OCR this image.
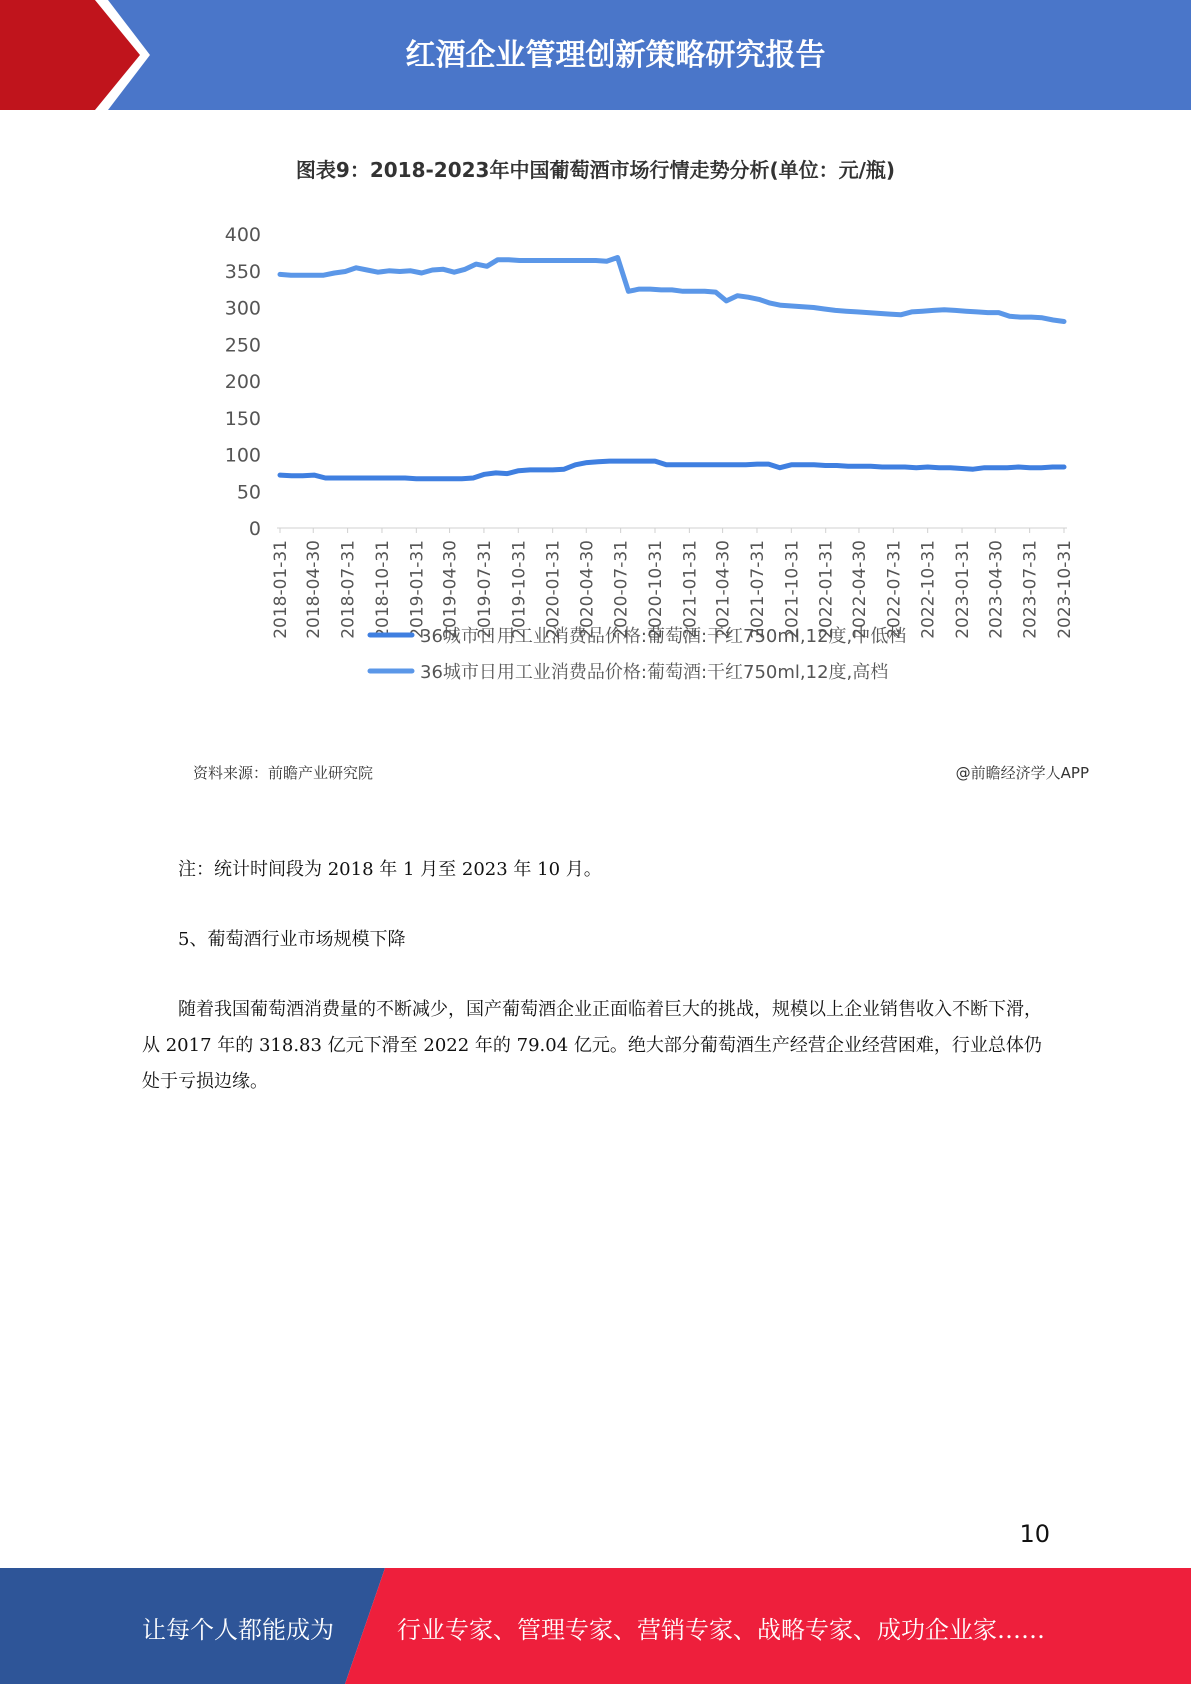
红酒企业管理创新策略研究报告
图表9：2018-2023年中国葡萄酒市场行情走势分析(单位：元/瓶)
0
50
100
150
200
250
300
350
400
2018-01-31 2018-04-30 2018-07-31 2018-10-31 2019-01-31 2019-04-30 2019-07-31 2019-10-31 2020-01-31 2020-04-30 2020-07-31 2020-10-31 2021-01-31 2021-04-30 2021-07-31 2021-10-31 2022-01-31 2022-04-30 2022-07-31 2022-10-31 2023-01-31 2023-04-30 2023-07-31 2023-10-31
36城市日用工业消费品价格:葡萄酒:干红750ml,12度,中低档
36城市日用工业消费品价格:葡萄酒:干红750ml,12度,高档
资料来源：前瞻产业研究院	@前瞻经济学人APP

注：统计时间段为 2018 年 1 月至 2023 年 10 月。

5、葡萄酒行业市场规模下降

随着我国葡萄酒消费量的不断减少，国产葡萄酒企业正面临着巨大的挑战，规模以上企业销售收入不断下滑，从 2017 年的 318.83 亿元下滑至 2022 年的 79.04 亿元。绝大部分葡萄酒生产经营企业经营困难，行业总体仍处于亏损边缘。

10
让每个人都能成为	行业专家、管理专家、营销专家、战略专家、成功企业家……
